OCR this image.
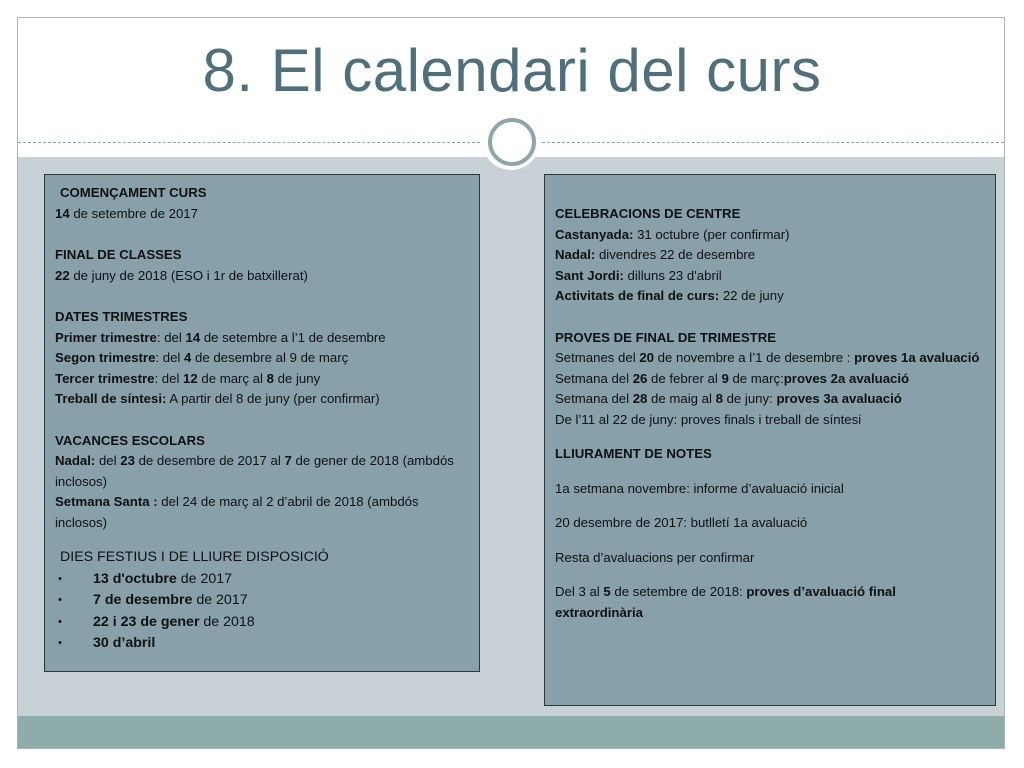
8. El calendari del curs
COMENÇAMENT CURS
14 de setembre de 2017
FINAL DE CLASSES
22 de juny de 2018 (ESO i 1r de batxillerat)
DATES TRIMESTRES
Primer trimestre: del 14 de setembre a l’1 de desembre
Segon trimestre: del 4 de desembre al 9 de març
Tercer trimestre: del 12 de març al 8 de juny
Treball de síntesi: A partir del 8 de juny (per confirmar)
VACANCES ESCOLARS
Nadal: del 23 de desembre de 2017 al 7 de gener de 2018 (ambdós inclosos)
Setmana Santa : del 24 de març al 2 d’abril de 2018 (ambdós inclosos)
DIES FESTIUS I DE LLIURE DISPOSICIÓ
• 13 d'octubre de 2017
• 7 de desembre de 2017
• 22 i 23 de gener de 2018
• 30 d’abril
CELEBRACIONS DE CENTRE
Castanyada: 31 octubre (per confirmar)
Nadal: divendres 22 de desembre
Sant Jordi: dilluns 23 d'abril
Activitats de final de curs: 22 de juny
PROVES DE FINAL DE TRIMESTRE
Setmanes del 20 de novembre a l’1 de desembre : proves 1a avaluació
Setmana del 26 de febrer al 9 de març:proves 2a avaluació
Setmana del 28 de maig al 8 de juny: proves 3a avaluació
De l’11 al 22 de juny: proves finals i treball de síntesi
LLIURAMENT DE NOTES
1a setmana novembre: informe d’avaluació inicial
20 desembre de 2017: butlletí 1a avaluació
Resta d’avaluacions per confirmar
Del 3 al 5 de setembre de 2018: proves d’avaluació final extraordinària
